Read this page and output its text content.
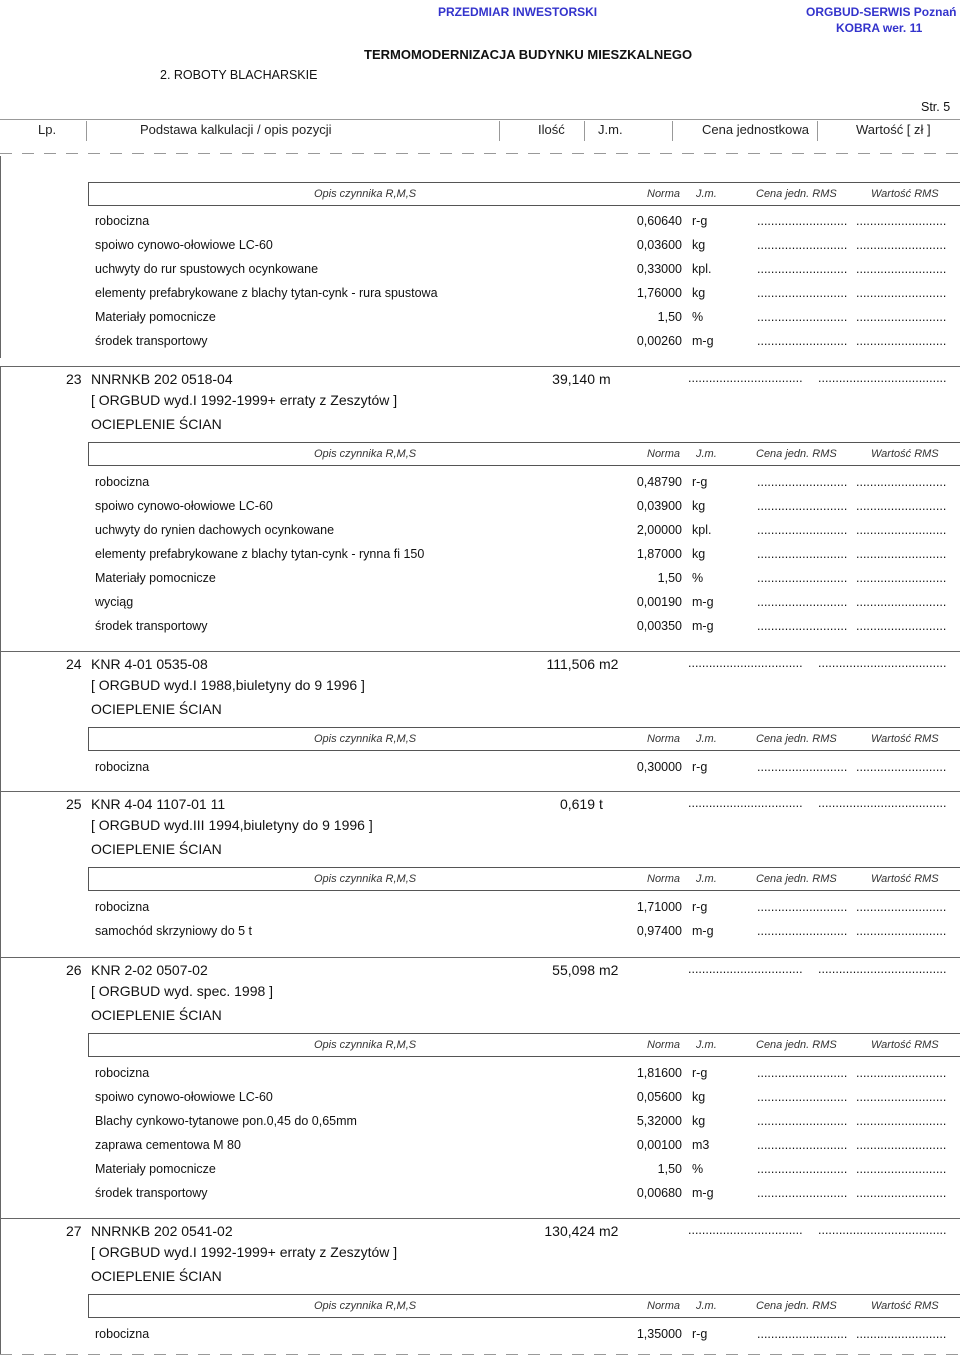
PRZEDMIAR INWESTORSKI	ORGBUD-SERWIS Poznań
KOBRA wer. 11
TERMOMODERNIZACJA BUDYNKU MIESZKALNEGO
2. ROBOTY BLACHARSKIE
Str. 5
Lp.	Podstawa kalkulacji / opis pozycji	Ilość	J.m.	Cena jednostkowa	Wartość [ zł ]
Opis czynnika R,M,S	Norma J.m.	Cena jedn. RMS	Wartość RMS
robocizna	0,60640 r-g	.......................... ..........................
spoiwo cynowo-ołowiowe LC-60	0,03600 kg	.......................... ..........................
uchwyty do rur spustowych ocynkowane	0,33000 kpl.	.......................... ..........................
elementy prefabrykowane z blachy tytan-cynk - rura spustowa	1,76000 kg	.......................... ..........................
Materiały pomocnicze	1,50 %	.......................... ..........................
środek transportowy	0,00260 m-g	.......................... ..........................
23 NNRNKB 202 0518-04	39,140 m	................................. .....................................
[ ORGBUD wyd.I 1992-1999+ erraty z Zeszytów ]
OCIEPLENIE ŚCIAN
Opis czynnika R,M,S	Norma J.m.	Cena jedn. RMS	Wartość RMS
robocizna	0,48790 r-g	.......................... ..........................
spoiwo cynowo-ołowiowe LC-60	0,03900 kg	.......................... ..........................
uchwyty do rynien dachowych ocynkowane	2,00000 kpl.	.......................... ..........................
elementy prefabrykowane z blachy tytan-cynk - rynna fi 150	1,87000 kg	.......................... ..........................
Materiały pomocnicze	1,50 %	.......................... ..........................
wyciąg	0,00190 m-g	.......................... ..........................
środek transportowy	0,00350 m-g	.......................... ..........................
24 KNR 4-01 0535-08	111,506 m2	................................. .....................................
[ ORGBUD wyd.I 1988,biuletyny do 9 1996 ]
OCIEPLENIE ŚCIAN
Opis czynnika R,M,S	Norma J.m.	Cena jedn. RMS	Wartość RMS
robocizna	0,30000 r-g	.......................... ..........................
25 KNR 4-04 1107-01 11	0,619 t	................................. .....................................
[ ORGBUD wyd.III 1994,biuletyny do 9 1996 ]
OCIEPLENIE ŚCIAN
Opis czynnika R,M,S	Norma J.m.	Cena jedn. RMS	Wartość RMS
robocizna	1,71000 r-g	.......................... ..........................
samochód skrzyniowy do 5 t	0,97400 m-g	.......................... ..........................
26 KNR 2-02 0507-02	55,098 m2	................................. .....................................
[ ORGBUD wyd. spec. 1998 ]
OCIEPLENIE ŚCIAN
Opis czynnika R,M,S	Norma J.m.	Cena jedn. RMS	Wartość RMS
robocizna	1,81600 r-g	.......................... ..........................
spoiwo cynowo-ołowiowe LC-60	0,05600 kg	.......................... ..........................
Blachy cynkowo-tytanowe pon.0,45 do 0,65mm	5,32000 kg	.......................... ..........................
zaprawa cementowa M 80	0,00100 m3	.......................... ..........................
Materiały pomocnicze	1,50 %	.......................... ..........................
środek transportowy	0,00680 m-g	.......................... ..........................
27 NNRNKB 202 0541-02	130,424 m2	................................. .....................................
[ ORGBUD wyd.I 1992-1999+ erraty z Zeszytów ]
OCIEPLENIE ŚCIAN
Opis czynnika R,M,S	Norma J.m.	Cena jedn. RMS	Wartość RMS
robocizna	1,35000 r-g	.......................... ..........................
